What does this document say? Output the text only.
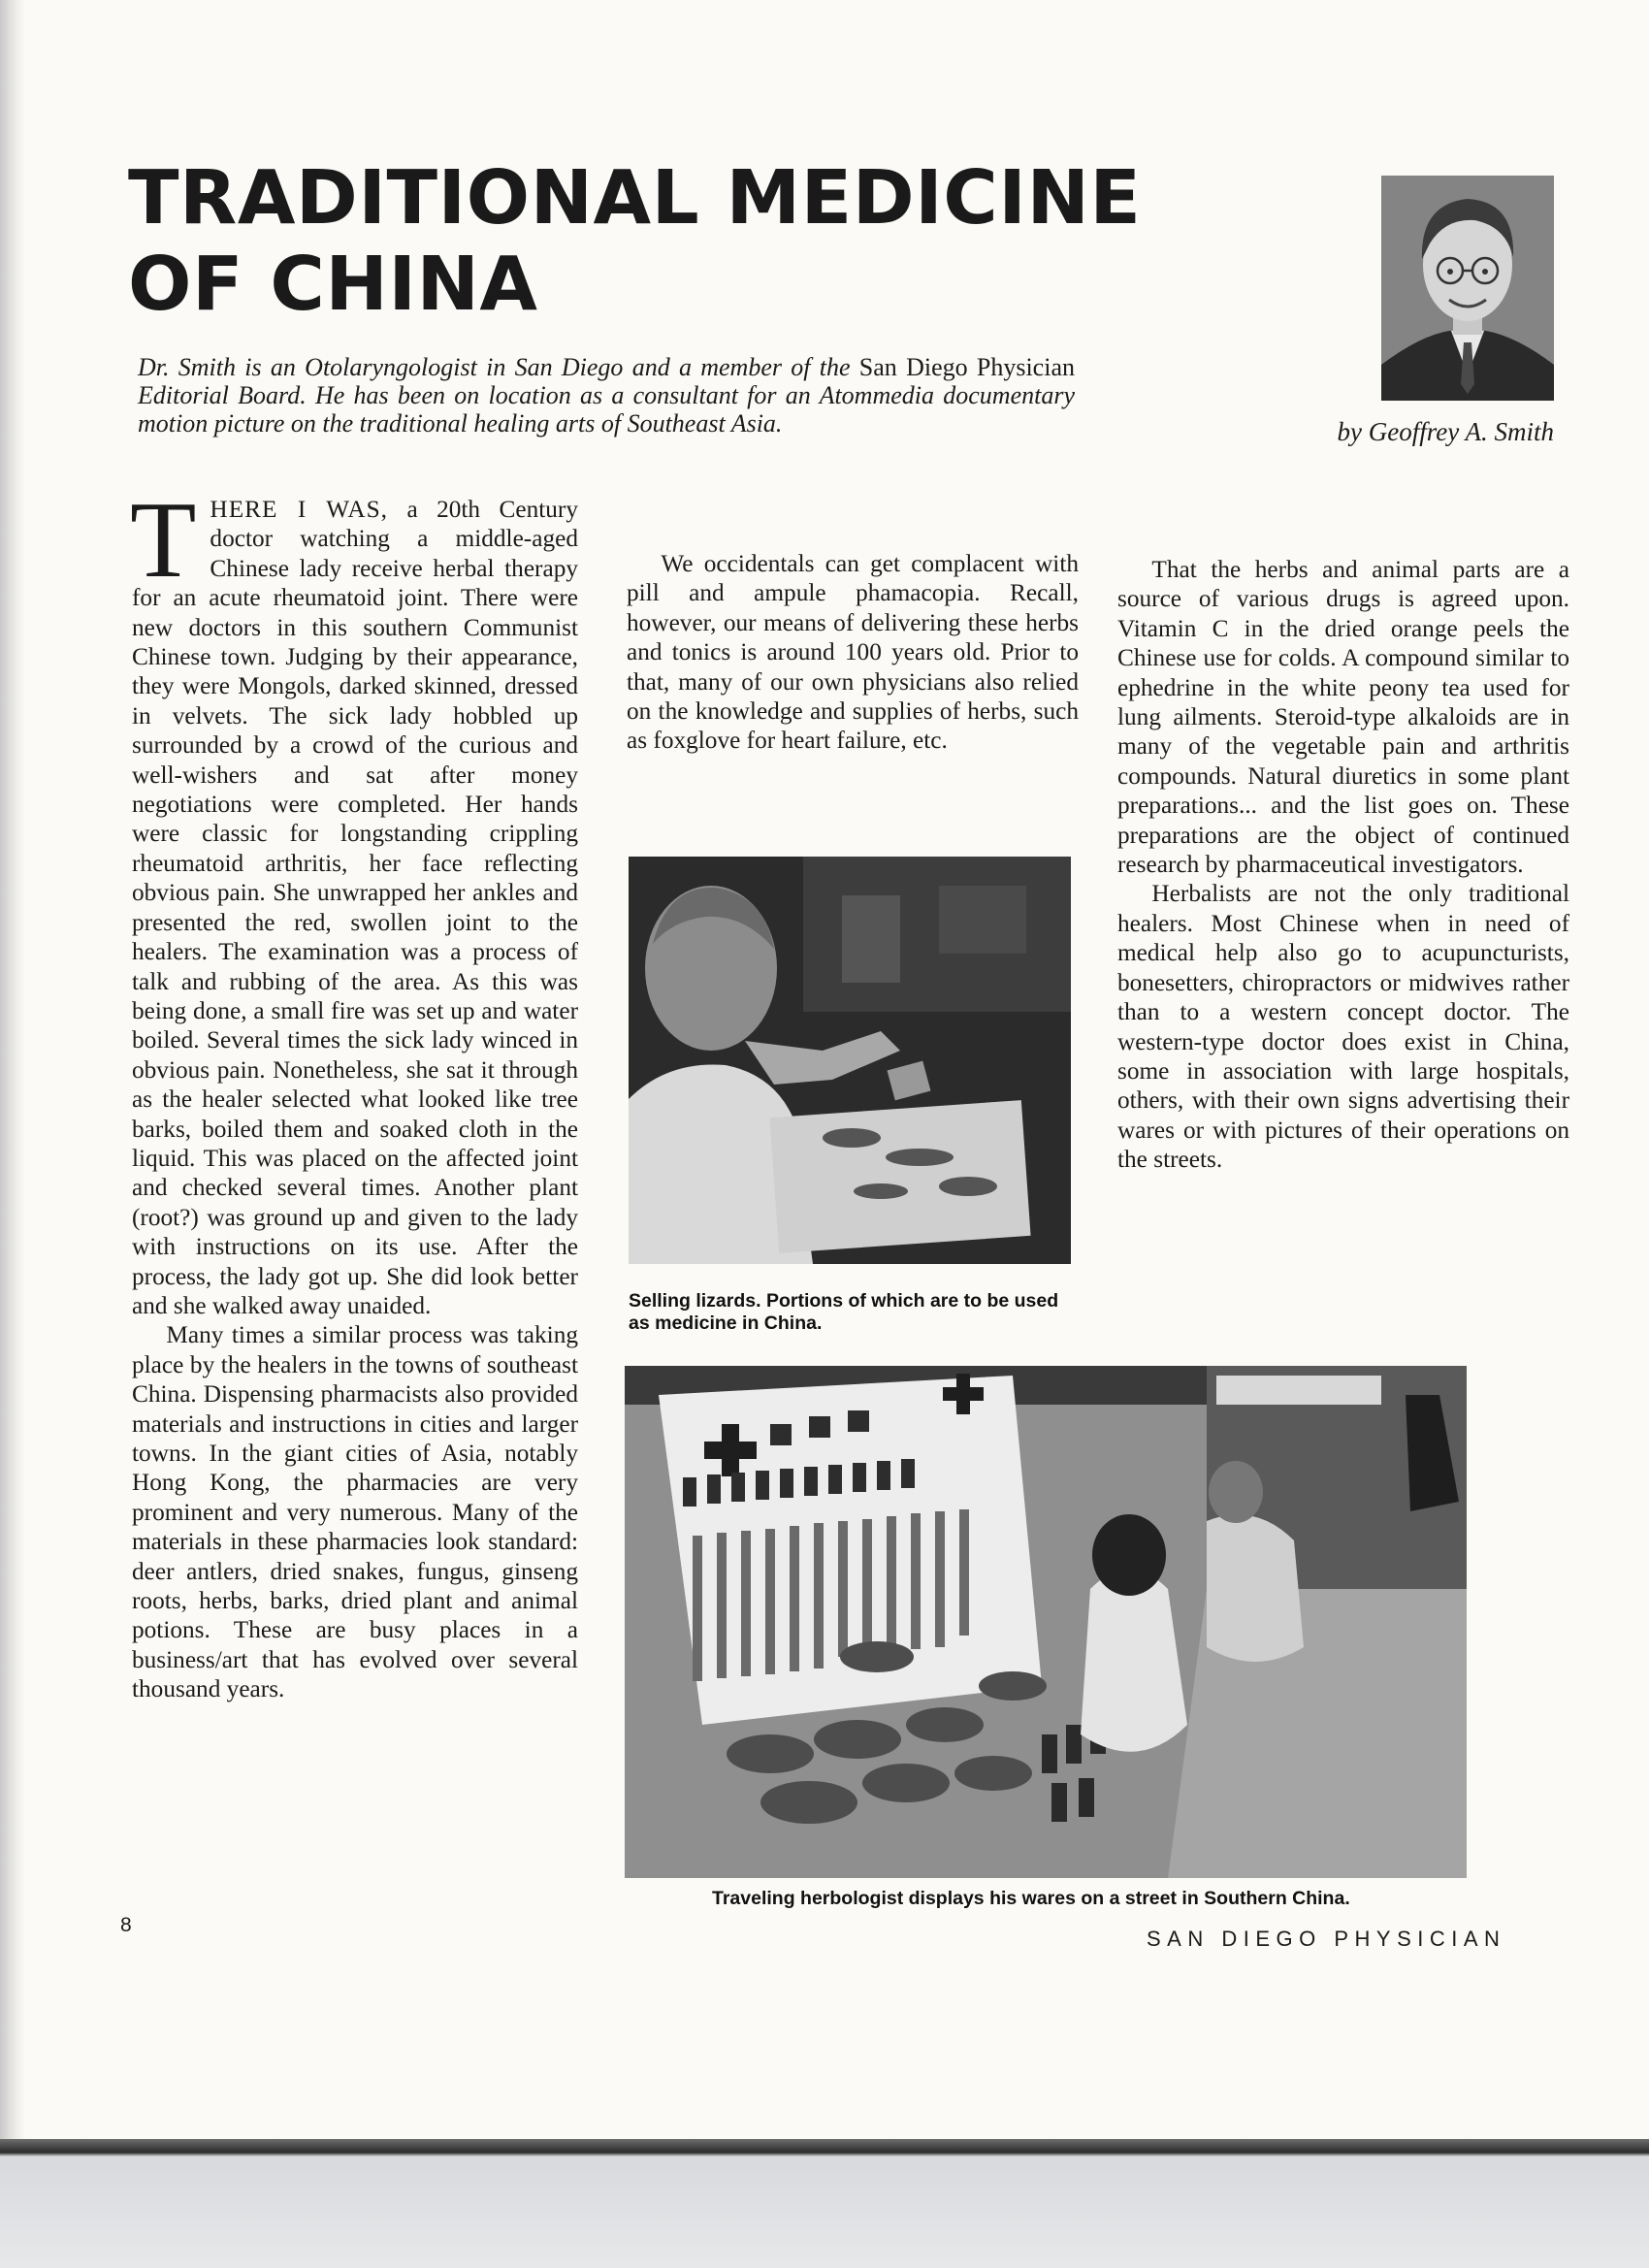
TRADITIONAL MEDICINE
OF CHINA
Dr. Smith is an Otolaryngologist in San Diego and a member of the San Diego Physician Editorial Board. He has been on location as a consultant for an Atommedia documentary motion picture on the traditional healing arts of Southeast Asia.	by Geoffrey A. Smith

THERE I WAS, a 20th Century doctor watching a middle-aged Chinese lady receive herbal therapy for an acute rheumatoid joint. There were new doctors in this southern Communist Chinese town. Judging by their appearance, they were Mongols, darked skinned, dressed in velvets. The sick lady hobbled up surrounded by a crowd of the curious and well-wishers and sat after money negotiations were completed. Her hands were classic for longstanding crippling rheumatoid arthritis, her face reflecting obvious pain. She unwrapped her ankles and presented the red, swollen joint to the healers. The examination was a process of talk and rubbing of the area. As this was being done, a small fire was set up and water boiled. Several times the sick lady winced in obvious pain. Nonetheless, she sat it through as the healer selected what looked like tree barks, boiled them and soaked cloth in the liquid. This was placed on the affected joint and checked several times. Another plant (root?) was ground up and given to the lady with instructions on its use. After the process, the lady got up. She did look better and she walked away unaided.

Many times a similar process was taking place by the healers in the towns of southeast China. Dispensing pharmacists also provided materials and instructions in cities and larger towns. In the giant cities of Asia, notably Hong Kong, the pharmacies are very prominent and very numerous. Many of the materials in these pharmacies look standard: deer antlers, dried snakes, fungus, ginseng roots, herbs, barks, dried plant and animal potions. These are busy places in a business/art that has evolved over several thousand years.

We occidentals can get complacent with pill and ampule phamacopia. Recall, however, our means of delivering these herbs and tonics is around 100 years old. Prior to that, many of our own physicians also relied on the knowledge and supplies of herbs, such as foxglove for heart failure, etc.

That the herbs and animal parts are a source of various drugs is agreed upon. Vitamin C in the dried orange peels the Chinese use for colds. A compound similar to ephedrine in the white peony tea used for lung ailments. Steroid-type alkaloids are in many of the vegetable pain and arthritis compounds. Natural diuretics in some plant preparations... and the list goes on. These preparations are the object of continued research by pharmaceutical investigators.

Herbalists are not the only traditional healers. Most Chinese when in need of medical help also go to acupuncturists, bonesetters, chiropractors or midwives rather than to a western concept doctor. The western-type doctor does exist in China, some in association with large hospitals, others, with their own signs advertising their wares or with pictures of their operations on the streets.

Selling lizards. Portions of which are to be used as medicine in China.
Traveling herbologist displays his wares on a street in Southern China.
8
SAN DIEGO PHYSICIAN
